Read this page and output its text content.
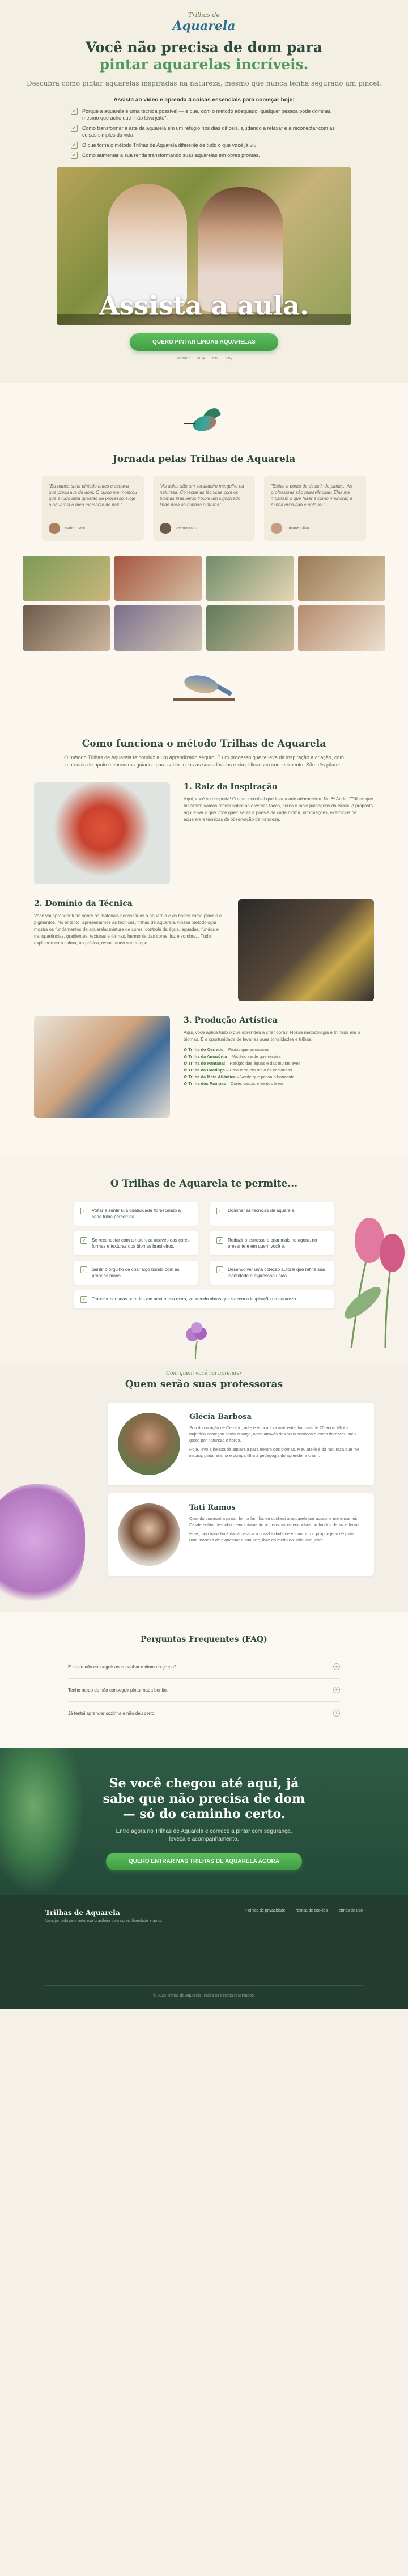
Trilhas de
Aquarela
Você não precisa de dom para
pintar aquarelas incríveis.

Descubra como pintar aquarelas inspiradas na natureza, mesmo que nunca tenha segurado um pincel.

Assista ao vídeo e aprenda 4 coisas essenciais para começar hoje:

✓ Porque a aquarela é uma técnica possível — e que, com o método adequado, qualquer pessoa pode dominar, mesmo que ache que "não leva jeito".
✓ Como transformar a arte da aquarela em um refúgio nos dias difíceis, ajudando a relaxar e a reconectar com as coisas simples da vida.
✓ O que torna o método Trilhas de Aquarela diferente de tudo o que você já viu.
✓ Como aumentar a sua renda transformando suas aquarelas em obras prontas.
Assista a aula.
QUERO PINTAR LINDAS AQUARELAS
Hotmart VISA PIX Pay
Jornada pelas Trilhas de Aquarela

"Eu nunca tinha pintado antes e achava que precisava de dom. O curso me mostrou que é tudo uma questão de processo. Hoje a aquarela é meu momento de paz."

Maria Clara

"As aulas são um verdadeiro mergulho na natureza. Conectar as técnicas com os biomas brasileiros trouxe um significado lindo para as minhas pinturas."

Fernanda C.

"Estive a ponto de desistir de pintar... As professoras são maravilhosas. Elas me mostram o que fazer e como melhorar, e minha evolução é notável."

Juliana Silva
Como funciona o método Trilhas de Aquarela

O método Trilhas de Aquarela te conduz a um aprendizado seguro. É um processo que te leva da inspiração à criação, com materiais de apoio e encontros guiados para saber todas as suas dúvidas e simplificar seu conhecimento. São três pilares:

1. Raiz da Inspiração

Aqui, você se desperta! O olhar sensível que leva a arte adormecido. No 8º Andar "Trilhas que Inspiram" vamos refletir sobre as diversas faces, cores e mais paisagens do Brasil. A proposta aqui é ver o que você quer: sentir a poesia de cada bioma, informações, exercícios de aquarela e técnicas de observação da natureza.

2. Domínio da Técnica

Você vai aprender tudo sobre os materiais necessários à aquarela e as bases como pinceis e pigmentos. No entanto, apresentamos as técnicas, trilhas de Aquarela. Nossa metodologia mostra os fundamentos de aquarela: mistura de cores, controle da água, aguadas, fundos e transparências, gradientes, texturas e formas, harmonia das cores, luz e sombra... Tudo explicado com calma, na prática, respeitando seu tempo.

3. Produção Artística

Aqui, você aplica tudo o que aprendeu a criar obras. Nossa metodologia é trilhada em 6 biomas. É a oportunidade de levar as suas tonalidades e trilhas:

✿ Trilha do Cerrado – Frutos que emocionam
✿ Trilha da Amazônia – Mistério verde que respira
✿ Trilha do Pantanal – Refúgio das águas e das muitas aves
✿ Trilha da Caatinga – Uma terra em meio às cactáceas
✿ Trilha da Mata Atlântica – Verde que passa o horizonte
✿ Trilha dos Pampas – Cores vastas e ventos leves
O Trilhas de Aquarela te permite...
✓	Voltar a sentir sua criatividade florescendo a cada trilha percorrida.
✓	Dominar as técnicas de aquarela.
✓	Se reconectar com a natureza através das cores, formas e texturas dos biomas brasileiros.
✓	Reduzir o estresse e criar mais no agora, no presente e em quem você é.
✓	Sentir o orgulho de criar algo bonito com as próprias mãos.
✓	Desenvolver uma coleção autoral que reflita sua identidade e expressão única.
✓	Transformar suas paredes em uma mesa extra, vendendo obras que trazem a inspiração da natureza.

Com quem você vai aprender

Quem serão suas professoras
Glécia Barbosa

Sou do coração de Cerrado, mãe e educadora ambiental há mais de 20 anos. Minha trajetória começou ainda criança, onde através dos seus sentidos e cores floresceu meu gosto por natureza e flores.

Hoje, levo a beleza da aquarela para dentro dos biomas. Meu ateliê é da natureza que me inspira, pinta, ensina e compartilha a pedagogia do aprender a criar...

Tati Ramos

Quando comecei a pintar, foi na família, eu conheci a aquarela por acaso, e me encantei. Desde então, descobri o encantamento por ensinar os encontros profundos de luz e forma.

Hoje, meu trabalho é dar à pessoa a possibilidade de encontrar no próprio jeito de pintar uma maneira de expressar a sua arte, livre do medo do "não leva jeito".

Perguntas Frequentes (FAQ)
E se eu não conseguir acompanhar o ritmo do grupo?	+
Tenho medo de não conseguir pintar nada bonito.	+
Já tentei aprender sozinha e não deu certo.	+
Se você chegou até aqui, já sabe que não precisa de dom — só do caminho certo.

Entre agora no Trilhas de Aquarela e comece a pintar com segurança, leveza e acompanhamento.

QUERO ENTRAR NAS TRILHAS DE AQUARELA AGORA
Trilhas de Aquarela
Uma jornada pela natureza brasileira com cores, liberdade e amor.
Política de privacidade Política de cookies Termos de uso
© 2025 Trilhas de Aquarela. Todos os direitos reservados.
